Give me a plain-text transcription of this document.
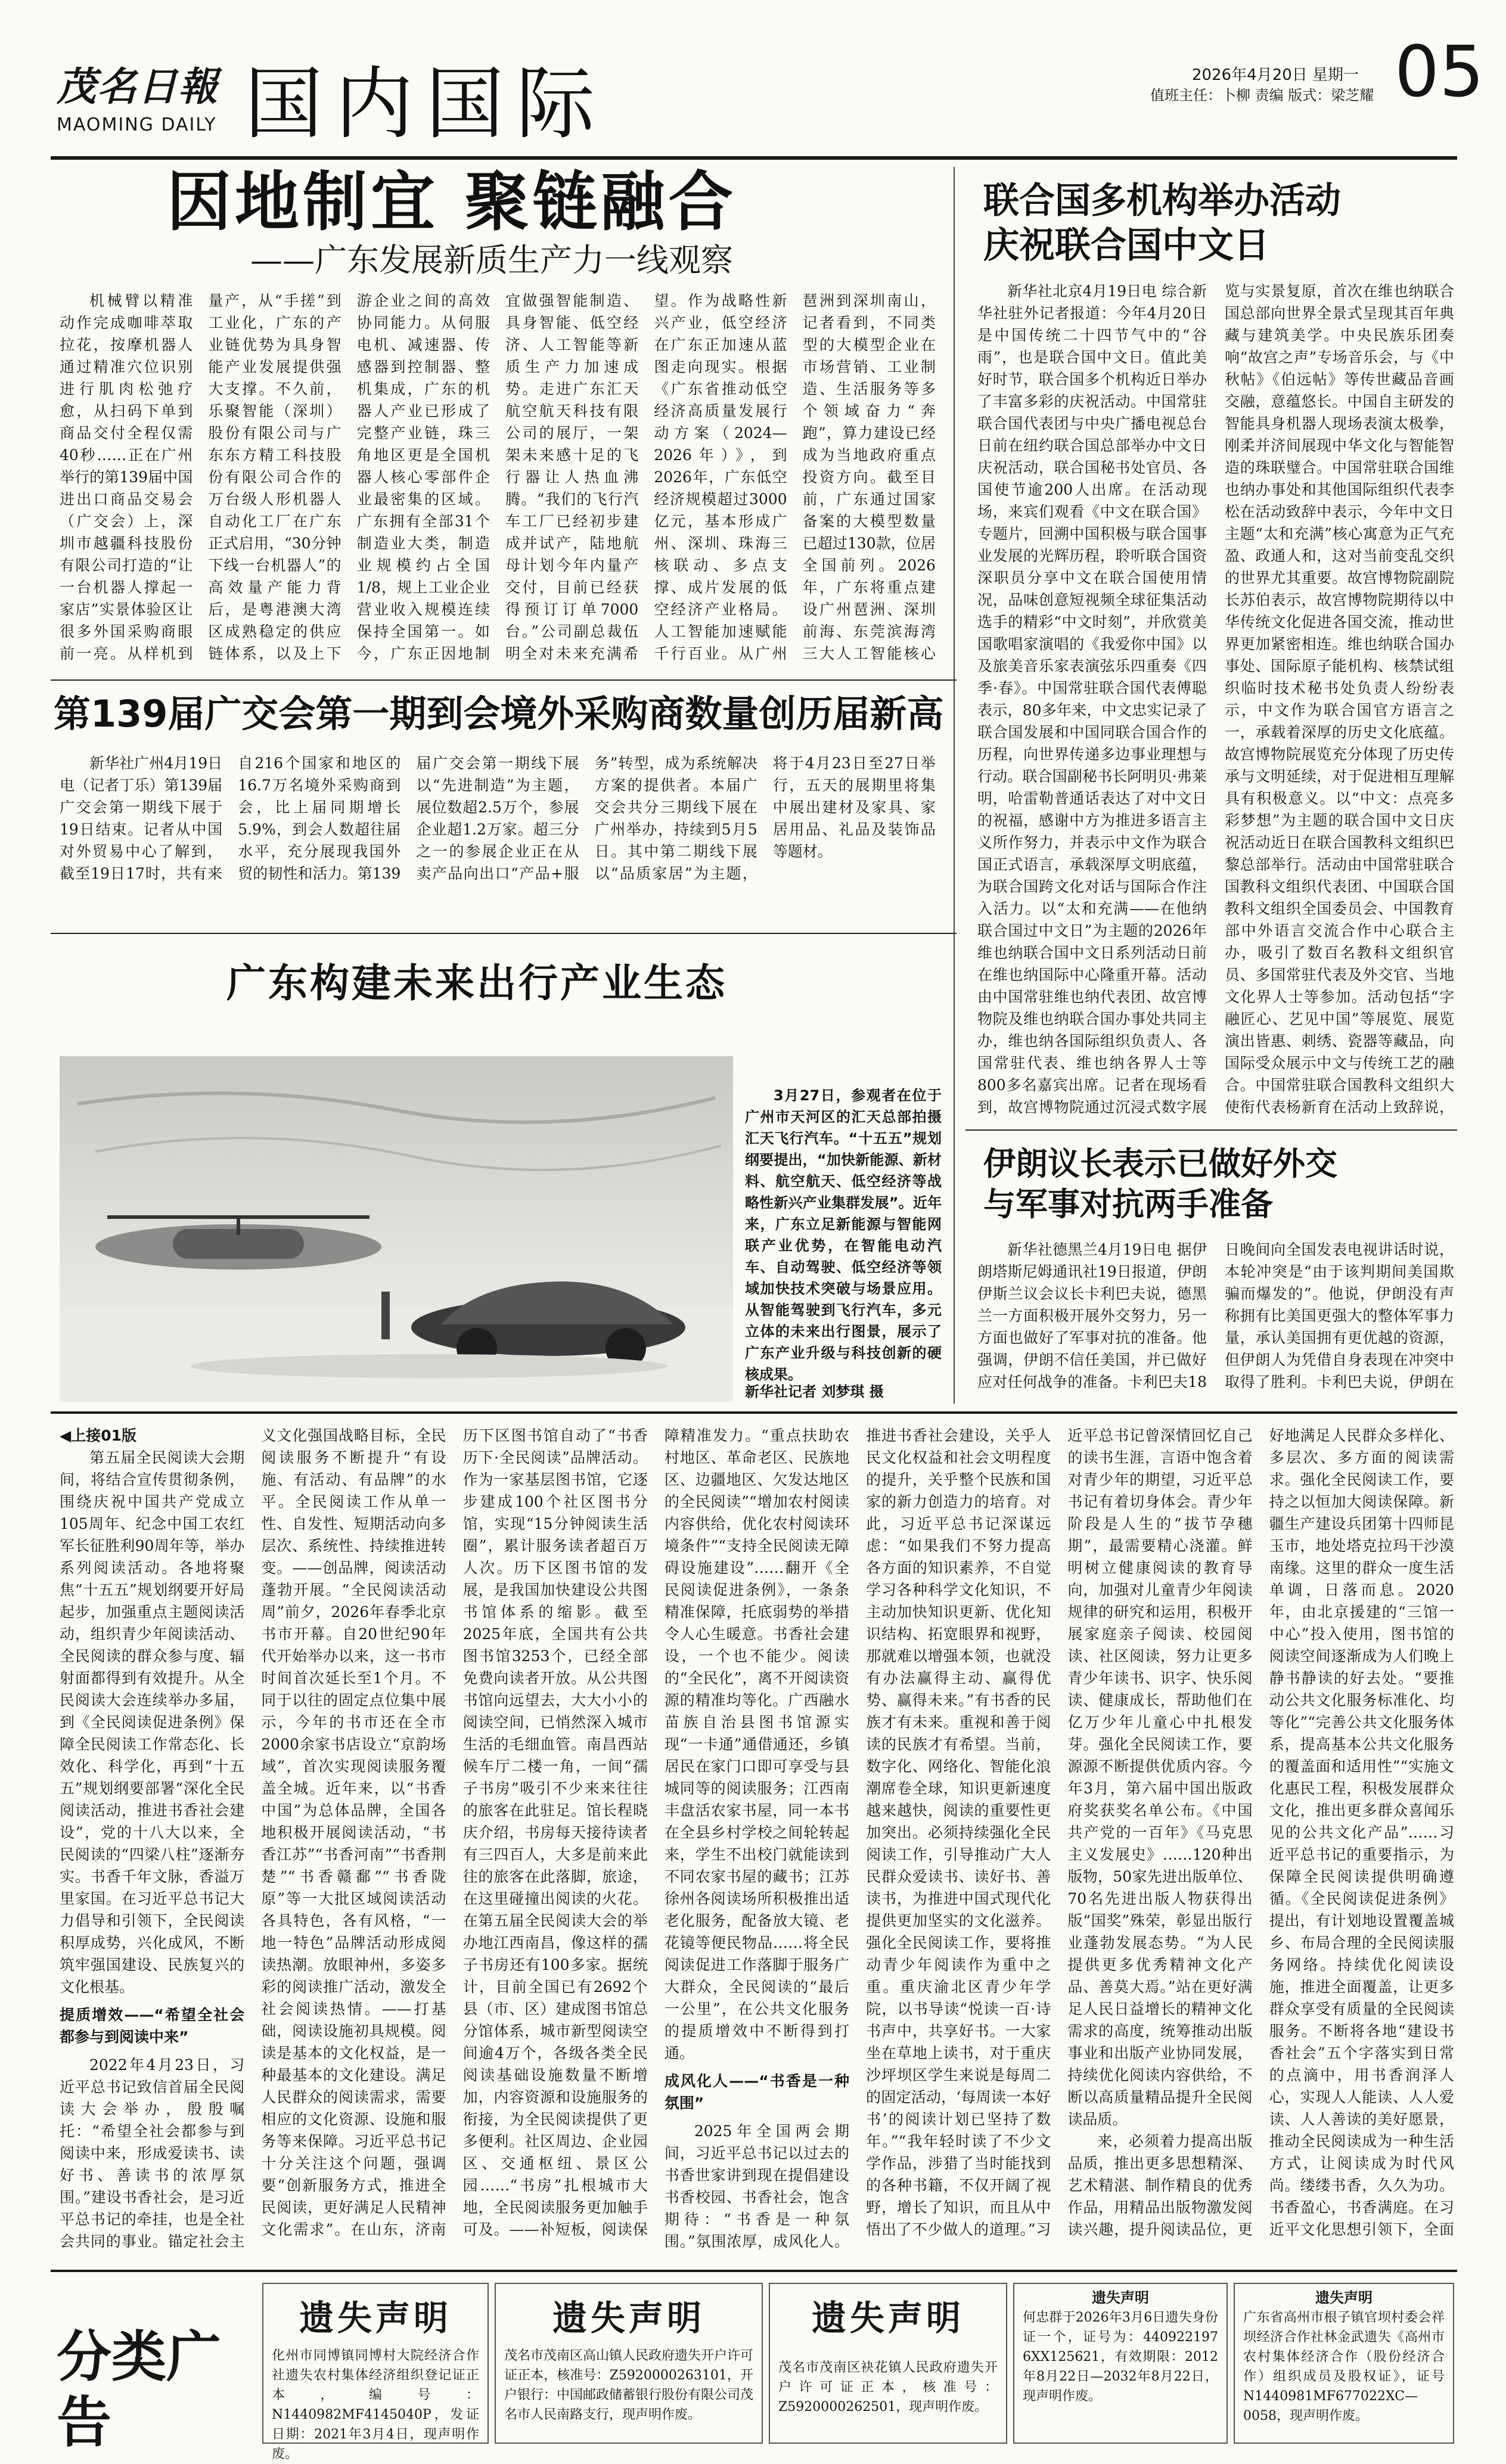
茂名日報
MAOMING DAILY 国内国际	2026年4月20日 星期一
值班主任：卜柳 责编 版式：梁芝耀 05
因地制宜 聚链融合
——广东发展新质生产力一线观察

机械臂以精准动作完成咖啡萃取拉花，按摩机器人通过精准穴位识别进行肌肉松弛疗愈，从扫码下单到商品交付全程仅需40秒……正在广州举行的第139届中国进出口商品交易会（广交会）上，深圳市越疆科技股份有限公司打造的“让一台机器人撑起一家店”实景体验区让很多外国采购商眼前一亮。从样机到量产，从“手搓”到工业化，广东的产业链优势为具身智能产业发展提供强大支撑。不久前，乐聚智能（深圳）股份有限公司与广东东方精工科技股份有限公司合作的万台级人形机器人自动化工厂在广东正式启用，“30分钟下线一台机器人”的高效量产能力背后，是粤港澳大湾区成熟稳定的供应链体系，以及上下游企业之间的高效协同能力。从伺服电机、减速器、传感器到控制器、整机集成，广东的机器人产业已形成了完整产业链，珠三角地区更是全国机器人核心零部件企业最密集的区域。广东拥有全部31个制造业大类，制造业规模约占全国1/8，规上工业企业营业收入规模连续保持全国第一。如今，广东正因地制宜做强智能制造、具身智能、低空经济、人工智能等新质生产力加速成势。走进广东汇天航空航天科技有限公司的展厅，一架架未来感十足的飞行器让人热血沸腾。“我们的飞行汽车工厂已经初步建成并试产，陆地航母计划今年内量产交付，目前已经获得预订订单7000台。”公司副总裁伍明全对未来充满希望。作为战略性新兴产业，低空经济在广东正加速从蓝图走向现实。根据《广东省推动低空经济高质量发展行动方案（2024—2026年）》，到2026年，广东低空经济规模超过3000亿元，基本形成广州、深圳、珠海三核联动、多点支撑、成片发展的低空经济产业格局。人工智能加速赋能千行百业。从广州琶洲到深圳南山，记者看到，不同类型的大模型企业在市场营销、工业制造、生活服务等多个领域奋力“奔跑”，算力建设已经成为当地政府重点投资方向。截至目前，广东通过国家备案的大模型数量已超过130款，位居全国前列。2026年，广东将重点建设广州琶洲、深圳前海、东莞滨海湾三大人工智能核心

第139届广交会第一期到会境外采购商数量创历届新高

新华社广州4月19日电（记者丁乐）第139届广交会第一期线下展于19日结束。记者从中国对外贸易中心了解到，截至19日17时，共有来自216个国家和地区的16.7万名境外采购商到会，比上届同期增长5.9%，到会人数超往届水平，充分展现我国外贸的韧性和活力。第139届广交会第一期线下展以“先进制造”为主题，展位数超2.5万个，参展企业超1.2万家。超三分之一的参展企业正在从卖产品向出口“产品+服务”转型，成为系统解决方案的提供者。本届广交会共分三期线下展在广州举办，持续到5月5日。其中第二期线下展以“品质家居”为主题，将于4月23日至27日举行，五天的展期里将集中展出建材及家具、家居用品、礼品及装饰品等题材。

广东构建未来出行产业生态
3月27日，参观者在位于广州市天河区的汇天总部拍摄汇天飞行汽车。“十五五”规划纲要提出，“加快新能源、新材料、航空航天、低空经济等战略性新兴产业集群发展”。近年来，广东立足新能源与智能网联产业优势，在智能电动汽车、自动驾驶、低空经济等领域加快技术突破与场景应用。从智能驾驶到飞行汽车，多元立体的未来出行图景，展示了广东产业升级与科技创新的硬核成果。
新华社记者 刘梦琪 摄
联合国多机构举办活动
庆祝联合国中文日

新华社北京4月19日电 综合新华社驻外记者报道：今年4月20日是中国传统二十四节气中的“谷雨”，也是联合国中文日。值此美好时节，联合国多个机构近日举办了丰富多彩的庆祝活动。中国常驻联合国代表团与中央广播电视总台日前在纽约联合国总部举办中文日庆祝活动，联合国秘书处官员、各国使节逾200人出席。在活动现场，来宾们观看《中文在联合国》专题片，回溯中国积极与联合国事业发展的光辉历程，聆听联合国资深职员分享中文在联合国使用情况，品味创意短视频全球征集活动选手的精彩“中文时刻”，并欣赏美国歌唱家演唱的《我爱你中国》以及旅美音乐家表演弦乐四重奏《四季·春》。中国常驻联合国代表傅聪表示，80多年来，中文忠实记录了联合国发展和中国同联合国合作的历程，向世界传递多边事业理想与行动。联合国副秘书长阿明贝·弗莱明，哈雷勒普通话表达了对中文日的祝福，感谢中方为推进多语言主义所作努力，并表示中文作为联合国正式语言，承载深厚文明底蕴，为联合国跨文化对话与国际合作注入活力。以“太和充满——在他纳联合国过中文日”为主题的2026年维也纳联合国中文日系列活动日前在维也纳国际中心隆重开幕。活动由中国常驻维也纳代表团、故宫博物院及维也纳联合国办事处共同主办，维也纳各国际组织负责人、各国常驻代表、维也纳各界人士等800多名嘉宾出席。记者在现场看到，故宫博物院通过沉浸式数字展览与实景复原，首次在维也纳联合国总部向世界全景式呈现其百年典藏与建筑美学。中央民族乐团奏响“故宫之声”专场音乐会，与《中秋帖》《伯远帖》等传世藏品音画交融，意蕴悠长。中国自主研发的智能具身机器人现场表演太极拳，刚柔并济间展现中华文化与智能智造的珠联璧合。中国常驻联合国维也纳办事处和其他国际组织代表李松在活动致辞中表示，今年中文日主题“太和充满”核心寓意为正气充盈、政通人和，这对当前变乱交织的世界尤其重要。故宫博物院副院长苏伯表示，故宫博物院期待以中华传统文化促进各国交流，推动世界更加紧密相连。维也纳联合国办事处、国际原子能机构、核禁试组织临时技术秘书处负责人纷纷表示，中文作为联合国官方语言之一，承载着深厚的历史文化底蕴。故宫博物院展览充分体现了历史传承与文明延续，对于促进相互理解具有积极意义。以“中文：点亮多彩梦想”为主题的联合国中文日庆祝活动近日在联合国教科文组织巴黎总部举行。活动由中国常驻联合国教科文组织代表团、中国联合国教科文组织全国委员会、中国教育部中外语言交流合作中心联合主办，吸引了数百名教科文组织官员、多国常驻代表及外交官、当地文化界人士等参加。活动包括“字融匠心、艺见中国”等展览、展览演出皆惠、刺绣、瓷器等藏品，向国际受众展示中文与传统工艺的融合。中国常驻联合国教科文组织大使衔代表杨新育在活动上致辞说，

伊朗议长表示已做好外交
与军事对抗两手准备

新华社德黑兰4月19日电 据伊朗塔斯尼姆通讯社19日报道，伊朗伊斯兰议会议长卡利巴夫说，德黑兰一方面积极开展外交努力，另一方面也做好了军事对抗的准备。他强调，伊朗不信任美国，并已做好应对任何战争的准备。卡利巴夫18日晚间向全国发表电视讲话时说，本轮冲突是“由于该判期间美国欺骗而爆发的”。他说，伊朗没有声称拥有比美国更强大的整体军事力量，承认美国拥有更优越的资源，但伊朗人为凭借自身表现在冲突中取得了胜利。卡利巴夫说，伊朗在

◀上接01版

第五届全民阅读大会期间，将结合宣传贯彻条例，围绕庆祝中国共产党成立105周年、纪念中国工农红军长征胜利90周年等，举办系列阅读活动。各地将聚焦“十五五”规划纲要开好局起步，加强重点主题阅读活动，组织青少年阅读活动、全民阅读的群众参与度、辐射面都得到有效提升。从全民阅读大会连续举办多届，到《全民阅读促进条例》保障全民阅读工作常态化、长效化、科学化，再到“十五五”规划纲要部署“深化全民阅读活动，推进书香社会建设”，党的十八大以来，全民阅读的“四梁八柱”逐渐夯实。书香千年文脉，香溢万里家国。在习近平总书记大力倡导和引领下，全民阅读积厚成势，兴化成风，不断筑牢强国建设、民族复兴的文化根基。

提质增效——“希望全社会都参与到阅读中来”

2022年4月23日，习近平总书记致信首届全民阅读大会举办，殷殷嘱托：“希望全社会都参与到阅读中来，形成爱读书、读好书、善读书的浓厚氛围。”建设书香社会，是习近平总书记的牵挂，也是全社会共同的事业。锚定社会主义文化强国战略目标，全民阅读服务不断提升“有设施、有活动、有品牌”的水平。全民阅读工作从单一性、自发性、短期活动向多层次、系统性、持续推进转变。——创品牌，阅读活动蓬勃开展。“全民阅读活动周”前夕，2026年春季北京书市开幕。自20世纪90年代开始举办以来，这一书市时间首次延长至1个月。不同于以往的固定点位集中展示，今年的书市还在全市2000余家书店设立“京韵场域”，首次实现阅读服务覆盖全城。近年来，以“书香中国”为总体品牌，全国各地积极开展阅读活动，“书香江苏”“书香河南”“书香荆楚”“书香赣鄱”“书香陇原”等一大批区域阅读活动各具特色，各有风格，“一地一特色”品牌活动形成阅读热潮。放眼神州，多姿多彩的阅读推广活动，激发全社会阅读热情。——打基础，阅读设施初具规模。阅读是基本的文化权益，是一种最基本的文化建设。满足人民群众的阅读需求，需要相应的文化资源、设施和服务等来保障。习近平总书记十分关注这个问题，强调要“创新服务方式，推进全民阅读，更好满足人民精神文化需求”。在山东，济南历下区图书馆自动了“书香历下·全民阅读”品牌活动。作为一家基层图书馆，它逐步建成100个社区图书分馆，实现“15分钟阅读生活圈”，累计服务读者超百万人次。历下区图书馆的发展，是我国加快建设公共图书馆体系的缩影。截至2025年底，全国共有公共图书馆3253个，已经全部免费向读者开放。从公共图书馆向远望去，大大小小的阅读空间，已悄然深入城市生活的毛细血管。南昌西站候车厅二楼一角，一间“孺子书房”吸引不少来来往往的旅客在此驻足。馆长程晓庆介绍，书房每天接待读者有三四百人，大多是前来此往的旅客在此落脚，旅途，在这里碰撞出阅读的火花。在第五届全民阅读大会的举办地江西南昌，像这样的孺子书房还有100多家。据统计，目前全国已有2692个县（市、区）建成图书馆总分馆体系，城市新型阅读空间逾4万个，各级各类全民阅读基础设施数量不断增加，内容资源和设施服务的衔接，为全民阅读提供了更多便利。社区周边、企业园区、交通枢纽、景区公园……“书房”扎根城市大地，全民阅读服务更加触手可及。——补短板，阅读保障精准发力。“重点扶助农村地区、革命老区、民族地区、边疆地区、欠发达地区的全民阅读”“增加农村阅读内容供给，优化农村阅读环境条件”“支持全民阅读无障碍设施建设”……翻开《全民阅读促进条例》，一条条精准保障，托底弱势的举措令人心生暖意。书香社会建设，一个也不能少。阅读的“全民化”，离不开阅读资源的精准均等化。广西融水苗族自治县图书馆源实现“一卡通”通借通还，乡镇居民在家门口即可享受与县城同等的阅读服务；江西南丰盘活农家书屋，同一本书在全县乡村学校之间轮转起来，学生不出校门就能读到不同农家书屋的藏书；江苏徐州各阅读场所积极推出适老化服务，配备放大镜、老花镜等便民物品……将全民阅读促进工作落脚于服务广大群众，全民阅读的“最后一公里”，在公共文化服务的提质增效中不断得到打通。

成风化人——“书香是一种氛围”

2025年全国两会期间，习近平总书记以过去的书香世家讲到现在提倡建设书香校园、书香社会，饱含期待：“书香是一种氛围。”氛围浓厚，成风化人。推进书香社会建设，关乎人民文化权益和社会文明程度的提升，关乎整个民族和国家的新力创造力的培育。对此，习近平总书记深谋远虑：“如果我们不努力提高各方面的知识素养，不自觉学习各种科学文化知识，不主动加快知识更新、优化知识结构、拓宽眼界和视野，那就难以增强本领，也就没有办法赢得主动、赢得优势、赢得未来。”有书香的民族才有未来。重视和善于阅读的民族才有希望。当前，数字化、网络化、智能化浪潮席卷全球，知识更新速度越来越快，阅读的重要性更加突出。必须持续强化全民阅读工作，引导推动广大人民群众爱读书、读好书、善读书，为推进中国式现代化提供更加坚实的文化滋养。强化全民阅读工作，要将推动青少年阅读作为重中之重。重庆渝北区青少年学院，以书导读“悦读一百·诗书声中，共享好书。一大家坐在草地上读书，对于重庆沙坪坝区学生来说是每周二的固定活动，‘每周读一本好书’的阅读计划已坚持了数年。”“我年轻时读了不少文学作品，涉猎了当时能找到的各种书籍，不仅开阔了视野，增长了知识，而且从中悟出了不少做人的道理。”习近平总书记曾深情回忆自己的读书生涯，言语中饱含着对青少年的期望，习近平总书记有着切身体会。青少年阶段是人生的“拔节孕穗期”，最需要精心浇灌。鲜明树立健康阅读的教育导向，加强对儿童青少年阅读规律的研究和运用，积极开展家庭亲子阅读、校园阅读、社区阅读，努力让更多青少年读书、识字、快乐阅读、健康成长，帮助他们在亿万少年儿童心中扎根发芽。强化全民阅读工作，要源源不断提供优质内容。今年3月，第六届中国出版政府奖获奖名单公布。《中国共产党的一百年》《马克思主义发展史》……120种出版物，50家先进出版单位、70名先进出版人物获得出版“国奖”殊荣，彰显出版行业蓬勃发展态势。“为人民提供更多优秀精神文化产品、善莫大焉。”站在更好满足人民日益增长的精神文化需求的高度，统筹推动出版事业和出版产业协同发展，持续优化阅读内容供给，不断以高质量精品提升全民阅读品质。

来，必须着力提高出版品质，推出更多思想精深、艺术精湛、制作精良的优秀作品，用精品出版物激发阅读兴趣，提升阅读品位，更好地满足人民群众多样化、多层次、多方面的阅读需求。强化全民阅读工作，要持之以恒加大阅读保障。新疆生产建设兵团第十四师昆玉市，地处塔克拉玛干沙漠南缘。这里的群众一度生活单调，日落而息。2020年，由北京援建的“三馆一中心”投入使用，图书馆的阅读空间逐渐成为人们晚上静书静读的好去处。“要推动公共文化服务标准化、均等化”“完善公共文化服务体系，提高基本公共文化服务的覆盖面和适用性”“实施文化惠民工程，积极发展群众文化，推出更多群众喜闻乐见的公共文化产品”……习近平总书记的重要指示，为保障全民阅读提供明确遵循。《全民阅读促进条例》提出，有计划地设置覆盖城乡、布局合理的全民阅读服务网络。持续优化阅读设施，推进全面覆盖，让更多群众享受有质量的全民阅读服务。不断将各地“建设书香社会”五个字落实到日常的点滴中，用书香润泽人心，实现人人能读、人人爱读、人人善读的美好愿景，推动全民阅读成为一种生活方式，让阅读成为时代风尚。缕缕书香，久久为功。书香盈心，书香满庭。在习近平文化思想引领下，全面

分类广告
遗失声明
化州市同博镇同博村大院经济合作社遗失农村集体经济组织登记证正本，编号：N1440982MF4145040P，发证日期：2021年3月4日，现声明作废。
遗失声明
茂名市茂南区高山镇人民政府遗失开户许可证正本，核准号：Z5920000263101，开户银行：中国邮政储蓄银行股份有限公司茂名市人民南路支行，现声明作废。
遗失声明
茂名市茂南区袂花镇人民政府遗失开户许可证正本，核准号：Z5920000262501，现声明作废。
遗失声明
何忠群于2026年3月6日遗失身份证一个，证号为：440922197 6XX125621，有效期限：2012年8月22日—2032年8月22日，现声明作废。
遗失声明
广东省高州市根子镇官坝村委会祥坝经济合作社林金武遗失《高州市农村集体经济合作（股份经济合作）组织成员及股权证》，证号N1440981MF677022XC—0058，现声明作废。
